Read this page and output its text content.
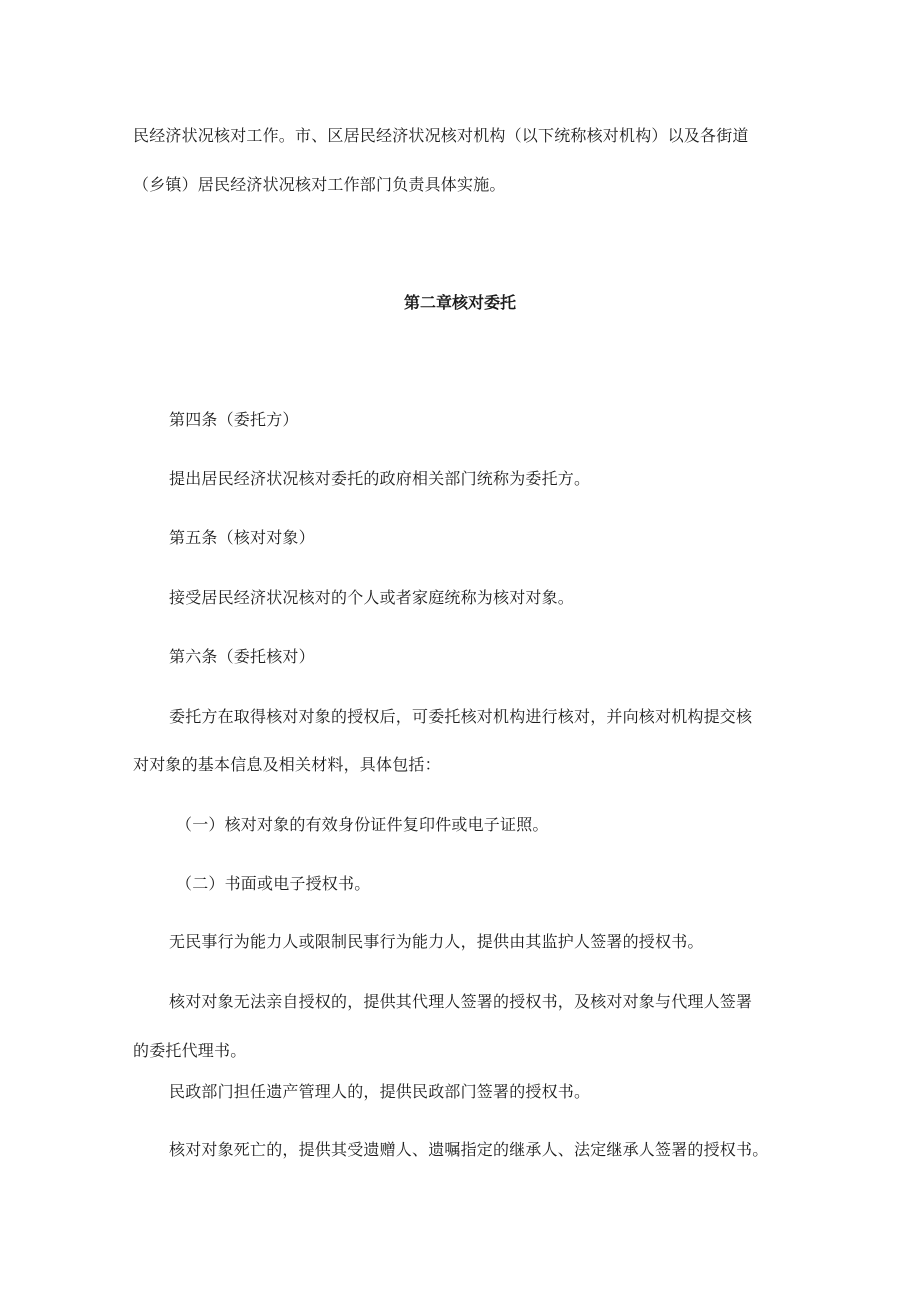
民经济状况核对工作。市、区居民经济状况核对机构（以下统称核对机构）以及各街道
（乡镇）居民经济状况核对工作部门负责具体实施。
第二章核对委托
第四条（委托方）
提出居民经济状况核对委托的政府相关部门统称为委托方。
第五条（核对对象）
接受居民经济状况核对的个人或者家庭统称为核对对象。
第六条（委托核对）
委托方在取得核对对象的授权后，可委托核对机构进行核对，并向核对机构提交核
对对象的基本信息及相关材料，具体包括：
（一）核对对象的有效身份证件复印件或电子证照。
（二）书面或电子授权书。
无民事行为能力人或限制民事行为能力人，提供由其监护人签署的授权书。
核对对象无法亲自授权的，提供其代理人签署的授权书，及核对对象与代理人签署
的委托代理书。
民政部门担任遗产管理人的，提供民政部门签署的授权书。
核对对象死亡的，提供其受遗赠人、遗嘱指定的继承人、法定继承人签署的授权书。
